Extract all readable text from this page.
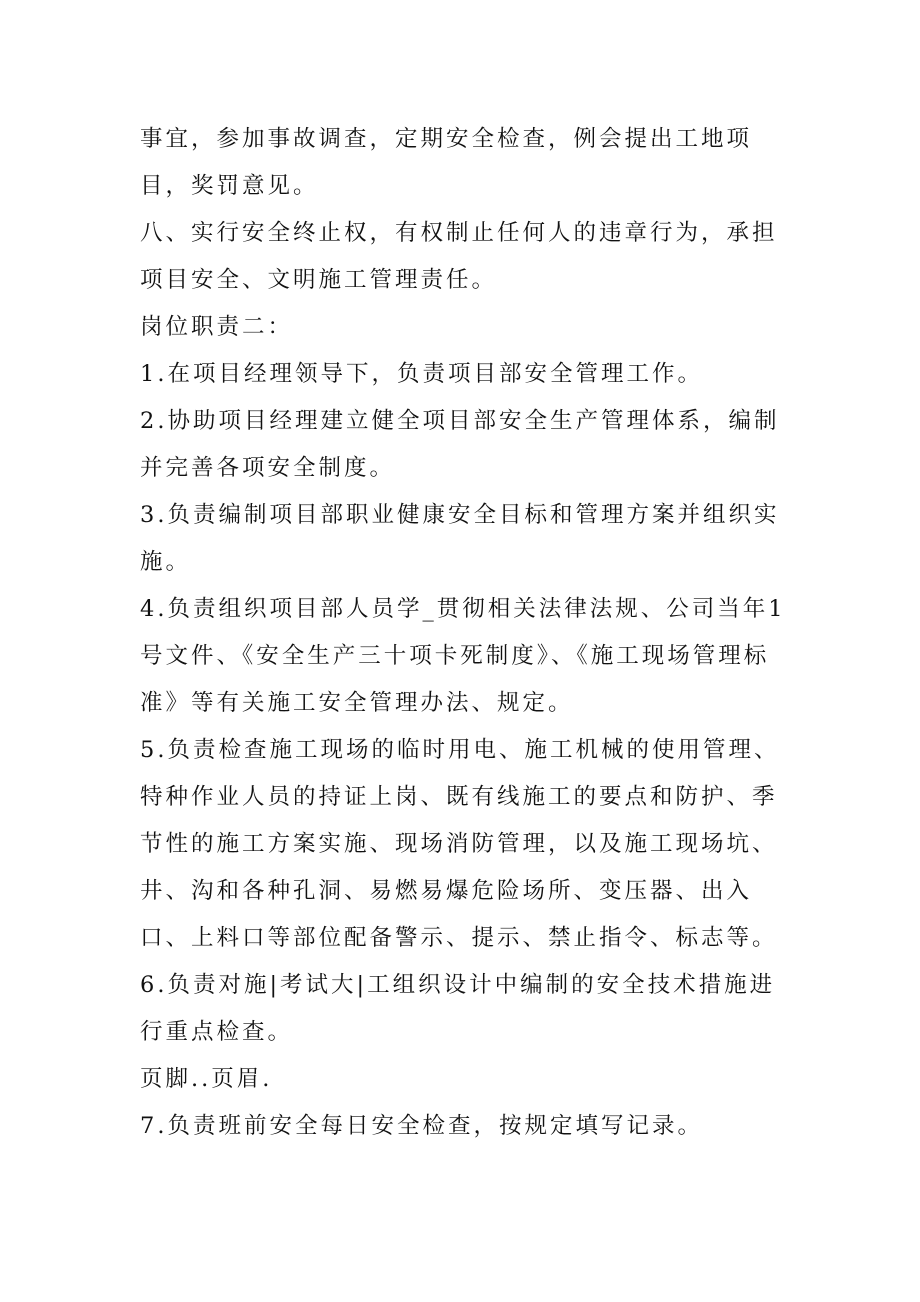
事宜，参加事故调查，定期安全检查，例会提出工地项目，奖罚意见。

八、实行安全终止权，有权制止任何人的违章行为，承担项目安全、文明施工管理责任。

岗位职责二：

1.在项目经理领导下，负责项目部安全管理工作。

2.协助项目经理建立健全项目部安全生产管理体系，编制并完善各项安全制度。

3.负责编制项目部职业健康安全目标和管理方案并组织实施。

4.负责组织项目部人员学_贯彻相关法律法规、公司当年1号文件、《安全生产三十项卡死制度》、《施工现场管理标准》等有关施工安全管理办法、规定。

5.负责检查施工现场的临时用电、施工机械的使用管理、特种作业人员的持证上岗、既有线施工的要点和防护、季节性的施工方案实施、现场消防管理，以及施工现场坑、井、沟和各种孔洞、易燃易爆危险场所、变压器、出入口、上料口等部位配备警示、提示、禁止指令、标志等。

6.负责对施|考试大|工组织设计中编制的安全技术措施进行重点检查。

页脚..页眉.

7.负责班前安全每日安全检查，按规定填写记录。
